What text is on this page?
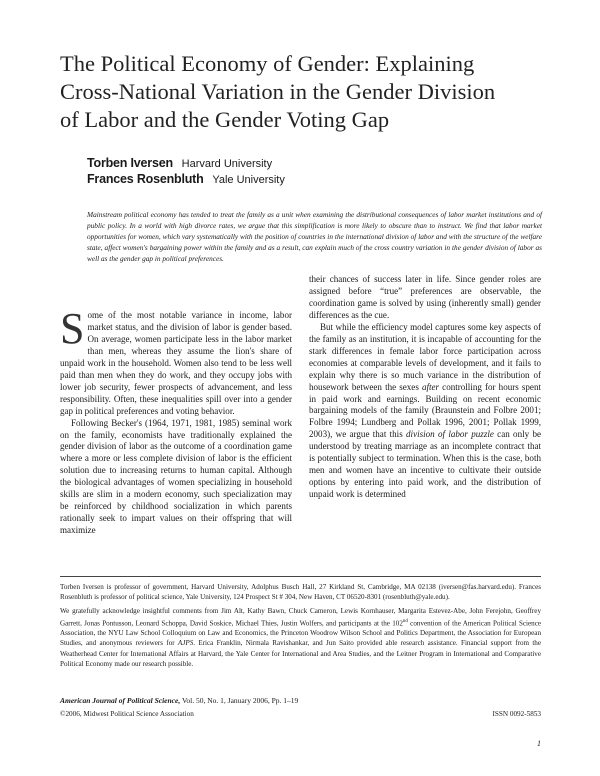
The Political Economy of Gender: Explaining
Cross-National Variation in the Gender Division
of Labor and the Gender Voting Gap
Torben Iversen Harvard University
Frances Rosenbluth Yale University
Mainstream political economy has tended to treat the family as a unit when examining the distributional consequences of labor market institutions and of public policy. In a world with high divorce rates, we argue that this simplification is more likely to obscure than to instruct. We find that labor market opportunities for women, which vary systematically with the position of countries in the international division of labor and with the structure of the welfare state, affect women's bargaining power within the family and as a result, can explain much of the cross country variation in the gender division of labor as well as the gender gap in political preferences.

Some of the most notable variance in income, labor market status, and the division of labor is gender based. On average, women participate less in the labor market than men, whereas they assume the lion's share of unpaid work in the household. Women also tend to be less well paid than men when they do work, and they occupy jobs with lower job security, fewer prospects of advancement, and less responsibility. Often, these inequalities spill over into a gender gap in political preferences and voting behavior.

Following Becker's (1964, 1971, 1981, 1985) seminal work on the family, economists have traditionally explained the gender division of labor as the outcome of a coordination game where a more or less complete division of labor is the efficient solution due to increasing returns to human capital. Although the biological advantages of women specializing in household skills are slim in a modern economy, such specialization may be reinforced by childhood socialization in which parents rationally seek to impart values on their offspring that will maximize

their chances of success later in life. Since gender roles are assigned before “true” preferences are observable, the coordination game is solved by using (inherently small) gender differences as the cue.

But while the efficiency model captures some key aspects of the family as an institution, it is incapable of accounting for the stark differences in female labor force participation across economies at comparable levels of development, and it fails to explain why there is so much variance in the distribution of housework between the sexes after controlling for hours spent in paid work and earnings. Building on recent economic bargaining models of the family (Braunstein and Folbre 2001; Folbre 1994; Lundberg and Pollak 1996, 2001; Pollak 1999, 2003), we argue that this division of labor puzzle can only be understood by treating marriage as an incomplete contract that is potentially subject to termination. When this is the case, both men and women have an incentive to cultivate their outside options by entering into paid work, and the distribution of unpaid work is determined

Torben Iversen is professor of government, Harvard University, Adolphus Busch Hall, 27 Kirkland St, Cambridge, MA 02138 (iversen@fas.harvard.edu). Frances Rosenbluth is professor of political science, Yale University, 124 Prospect St # 304, New Haven, CT 06520-8301 (rosenbluth@yale.edu).

We gratefully acknowledge insightful comments from Jim Alt, Kathy Bawn, Chuck Cameron, Lewis Kornhauser, Margarita Estevez-Abe, John Ferejohn, Geoffrey Garrett, Jonas Pontusson, Leonard Schoppa, David Soskice, Michael Thies, Justin Wolfers, and participants at the 102nd convention of the American Political Science Association, the NYU Law School Colloquium on Law and Economics, the Princeton Woodrow Wilson School and Politics Department, the Association for European Studies, and anonymous reviewers for AJPS. Erica Franklin, Nirmala Ravishankar, and Jun Saito provided able research assistance. Financial support from the Weatherhead Center for International Affairs at Harvard, the Yale Center for International and Area Studies, and the Leitner Program in International and Comparative Political Economy made our research possible.

American Journal of Political Science, Vol. 50, No. 1, January 2006, Pp. 1–19
©2006, Midwest Political Science Association	ISSN 0092-5853
1
